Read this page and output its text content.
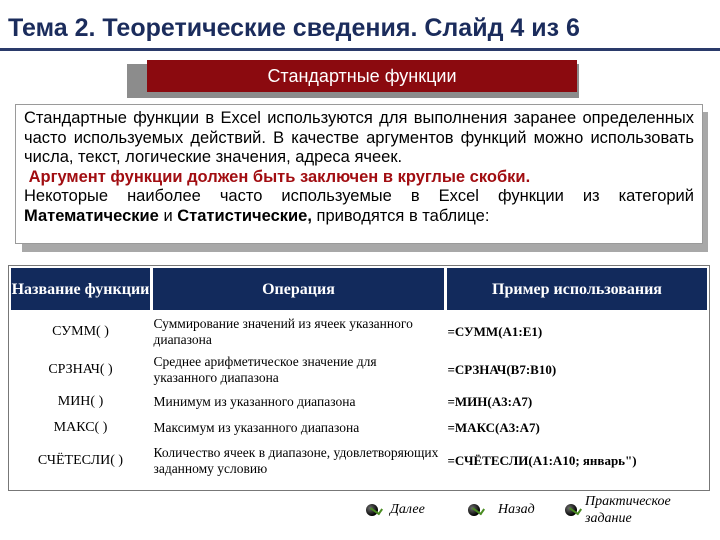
Тема 2. Теоретические сведения. Слайд 4 из 6
Стандартные функции

Стандартные функции в Excel используются для выполнения заранее определенных часто используемых действий. В качестве аргументов функций можно использовать числа, текст, логические значения, адреса ячеек.

Аргумент функции должен быть заключен в круглые скобки.

Некоторые наиболее часто используемые в Excel функции из категорий Математические и Статистические, приводятся в таблице:

Название функции	Операция	Пример использования
СУММ( )	Суммирование значений из ячеек указанного диапазона	=СУММ(А1:Е1)
СРЗНАЧ( )	Среднее арифметическое значение для указанного диапазона	=СРЗНАЧ(В7:В10)
МИН( )	Минимум из указанного диапазона	=МИН(А3:А7)
МАКС( )	Максимум из указанного диапазона	=МАКС(А3:А7)
СЧЁТЕСЛИ( )	Количество ячеек в диапазоне, удовлетворяющих заданному условию	=СЧЁТЕСЛИ(А1:А10; январь")
Далее	Назад
Практическое задание
